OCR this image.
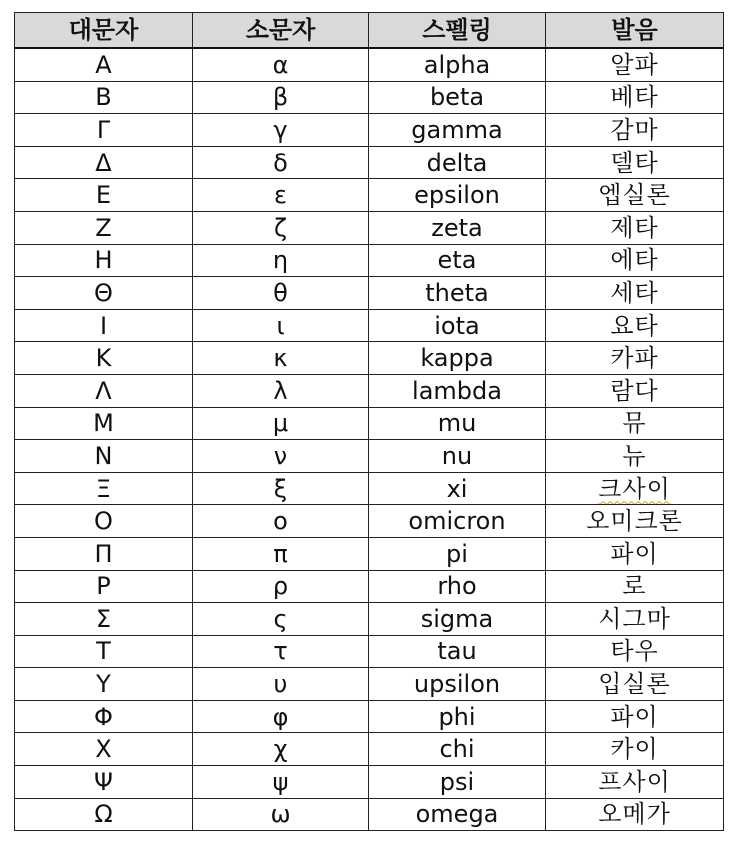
대문자	소문자	스펠링	발음
Α	α	alpha	알파
Β	β	beta	베타
Γ	γ	gamma	감마
Δ	δ	delta	델타
Ε	ε	epsilon	엡실론
Ζ	ζ	zeta	제타
Η	η	eta	에타
Θ	θ	theta	세타
Ι	ι	iota	요타
Κ	κ	kappa	카파
Λ	λ	lambda	람다
Μ	μ	mu	뮤
Ν	ν	nu	뉴
Ξ	ξ	xi	크사이
Ο	ο	omicron	오미크론
Π	π	pi	파이
Ρ	ρ	rho	로
Σ	ς	sigma	시그마
Τ	τ	tau	타우
Υ	υ	upsilon	입실론
Φ	φ	phi	파이
Χ	χ	chi	카이
Ψ	ψ	psi	프사이
Ω	ω	omega	오메가
